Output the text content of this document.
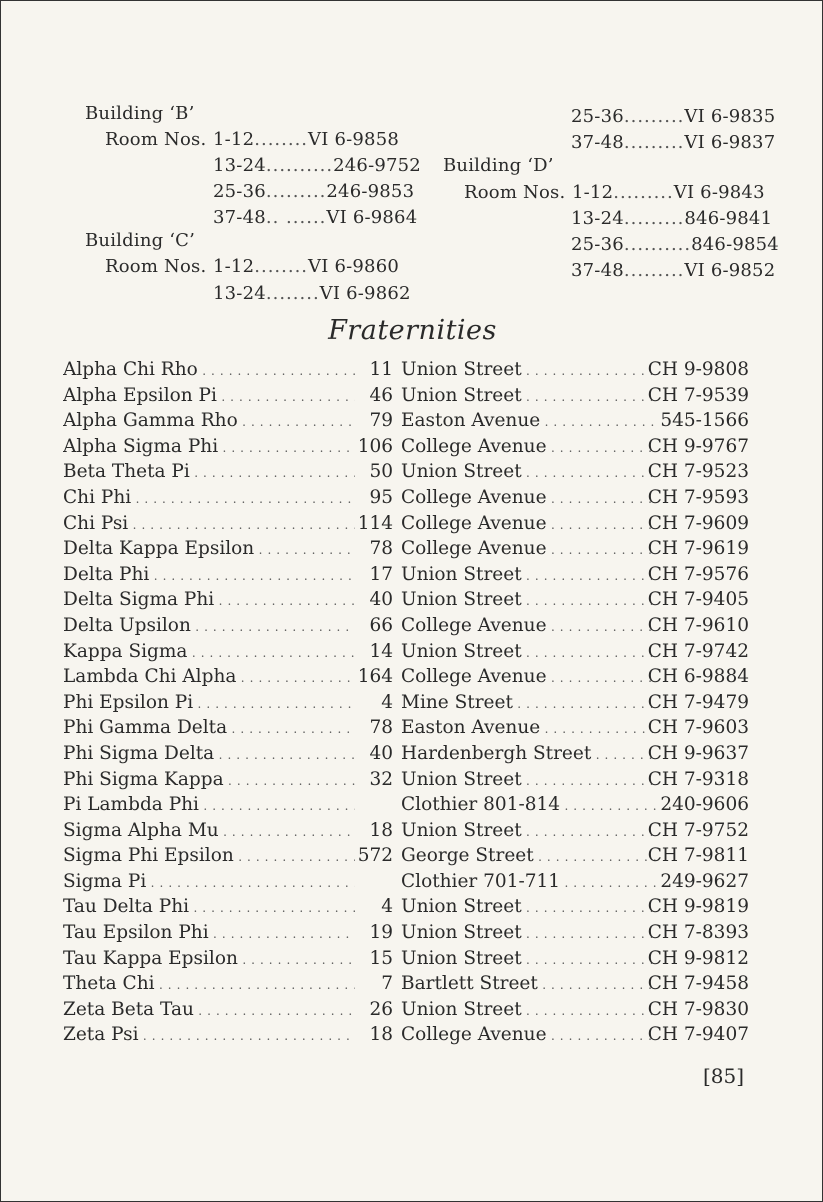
Building ‘B’
Room Nos. 1-12........VI 6-9858
13-24..........246-9752
25-36.........246-9853
37-48.. ......VI 6-9864
Building ‘C’
Room Nos. 1-12........VI 6-9860
13-24........VI 6-9862
25-36.........VI 6-9835
37-48.........VI 6-9837
Building ‘D’
Room Nos. 1-12.........VI 6-9843
13-24.........846-9841
25-36..........846-9854
37-48.........VI 6-9852
Fraternities
Alpha Chi Rho . . .	11 Union Street . . .	CH 9-9808
Alpha Epsilon Pi . . .	46 Union Street . . .	CH 7-9539
Alpha Gamma Rho . . .	79 Easton Avenue . . .	545-1566
Alpha Sigma Phi . . .	106 College Avenue . . .	CH 9-9767
Beta Theta Pi . . .	50 Union Street . . .	CH 7-9523
Chi Phi . . .	95 College Avenue . . .	CH 7-9593
Chi Psi . . .	114 College Avenue . . .	CH 7-9609
Delta Kappa Epsilon . . .	78 College Avenue . . .	CH 7-9619
Delta Phi . . .	17 Union Street . . .	CH 7-9576
Delta Sigma Phi . . .	40 Union Street . . .	CH 7-9405
Delta Upsilon . . .	66 College Avenue . . .	CH 7-9610
Kappa Sigma . . .	14 Union Street . . .	CH 7-9742
Lambda Chi Alpha . . .	164 College Avenue . . .	CH 6-9884
Phi Epsilon Pi . . .	4 Mine Street . . .	CH 7-9479
Phi Gamma Delta . . .	78 Easton Avenue . . .	CH 7-9603
Phi Sigma Delta . . .	40 Hardenbergh Street . . .	CH 9-9637
Phi Sigma Kappa . . .	32 Union Street . . .	CH 7-9318
Pi Lambda Phi . . .	Clothier 801-814 . . .	240-9606
Sigma Alpha Mu . . .	18 Union Street . . .	CH 7-9752
Sigma Phi Epsilon . . .	572 George Street . . .	CH 7-9811
Sigma Pi . . .	Clothier 701-711 . . .	249-9627
Tau Delta Phi . . .	4 Union Street . . .	CH 9-9819
Tau Epsilon Phi . . .	19 Union Street . . .	CH 7-8393
Tau Kappa Epsilon . . .	15 Union Street . . .	CH 9-9812
Theta Chi . . .	7 Bartlett Street . . .	CH 7-9458
Zeta Beta Tau . . .	26 Union Street . . .	CH 7-9830
Zeta Psi . . .	18 College Avenue . . .	CH 7-9407
[85]
